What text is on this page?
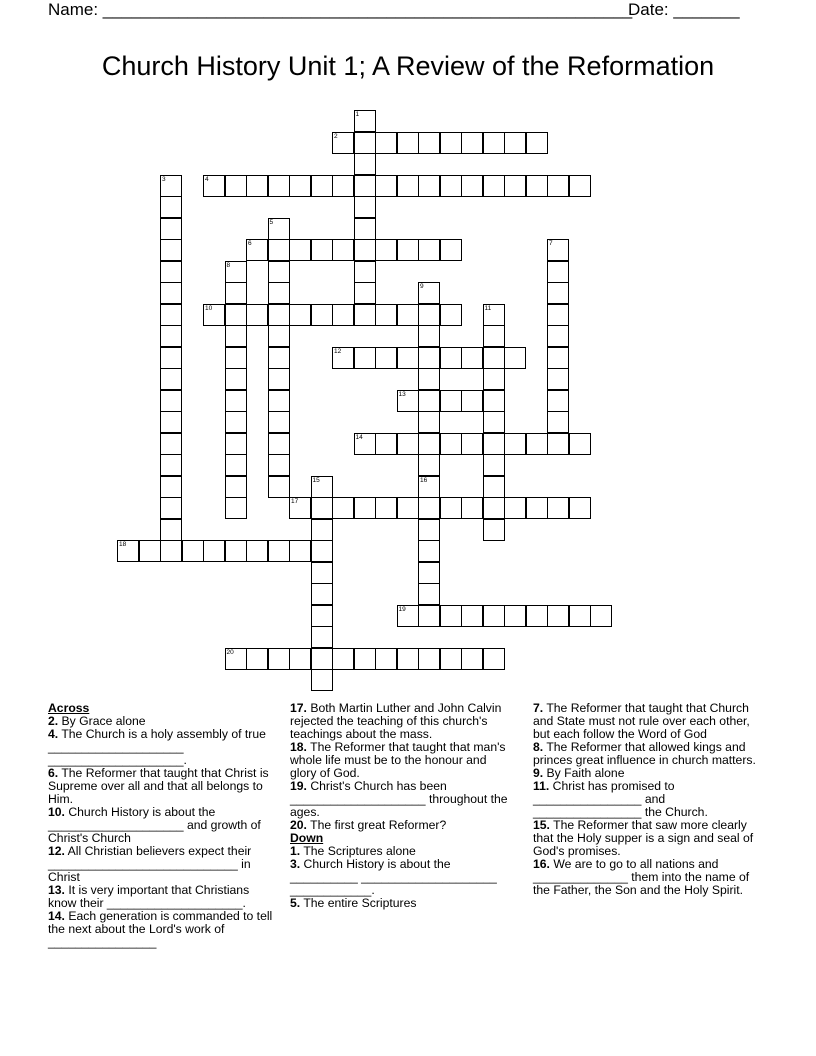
Name: ________________________________________________________
Date: _______
Church History Unit 1; A Review of the Reformation
1
2
3	4
5
6	7
8
9
10	11
12
13
14
15	16
17
18
19
20

Across

2. By Grace alone

4. The Church is a holy assembly of true ____________________ ____________________.

6. The Reformer that taught that Christ is Supreme over all and that all belongs to Him.

10. Church History is about the ____________________ and growth of Christ's Church

12. All Christian believers expect their ____________________________ in Christ

13. It is very important that Christians know their ____________________.

14. Each generation is commanded to tell the next about the Lord's work of ________________

17. Both Martin Luther and John Calvin rejected the teaching of this church's teachings about the mass.

18. The Reformer that taught that man's whole life must be to the honour and glory of God.

19. Christ's Church has been ____________________ throughout the ages.

20. The first great Reformer?

Down

1. The Scriptures alone

3. Church History is about the __________ ____________________ ____________.

5. The entire Scriptures

7. The Reformer that taught that Church and State must not rule over each other, but each follow the Word of God

8. The Reformer that allowed kings and princes great influence in church matters.

9. By Faith alone

11. Christ has promised to ________________ and ________________ the Church.

15. The Reformer that saw more clearly that the Holy supper is a sign and seal of God's promises.

16. We are to go to all nations and ______________ them into the name of the Father, the Son and the Holy Spirit.
